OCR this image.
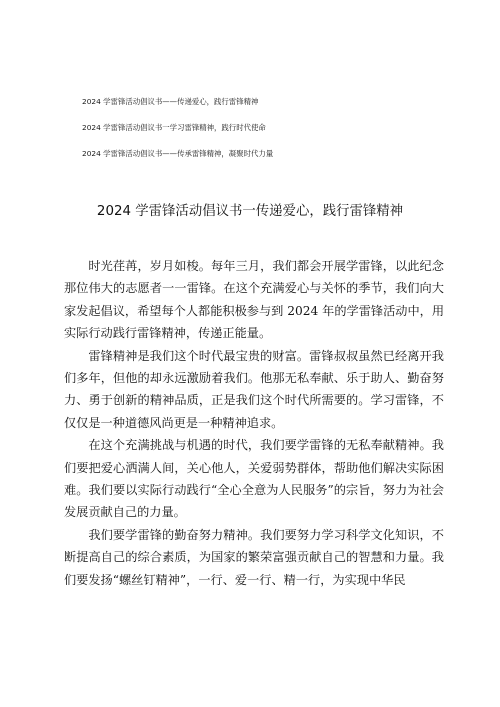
2024 学雷锋活动倡议书——传递爱心，践行雷锋精神
2024 学雷锋活动倡议书一学习雷锋精神，践行时代使命
2024 学雷锋活动倡议书——传承雷锋精神，凝聚时代力量
2024 学雷锋活动倡议书一传递爱心，践行雷锋精神

时光荏苒，岁月如梭。每年三月，我们都会开展学雷锋，以此纪念那位伟大的志愿者一一雷锋。在这个充满爱心与关怀的季节，我们向大家发起倡议，希望每个人都能积极参与到 2024 年的学雷锋活动中，用实际行动践行雷锋精神，传递正能量。

雷锋精神是我们这个时代最宝贵的财富。雷锋叔叔虽然已经离开我们多年，但他的却永远激励着我们。他那无私奉献、乐于助人、勤奋努力、勇于创新的精神品质，正是我们这个时代所需要的。学习雷锋，不仅仅是一种道德风尚更是一种精神追求。

在这个充满挑战与机遇的时代，我们要学雷锋的无私奉献精神。我们要把爱心洒满人间，关心他人，关爱弱势群体，帮助他们解决实际困难。我们要以实际行动践行“全心全意为人民服务”的宗旨，努力为社会发展贡献自己的力量。

我们要学雷锋的勤奋努力精神。我们要努力学习科学文化知识，不断提高自己的综合素质，为国家的繁荣富强贡献自己的智慧和力量。我们要发扬“螺丝钉精神”，一行、爱一行、精一行，为实现中华民
